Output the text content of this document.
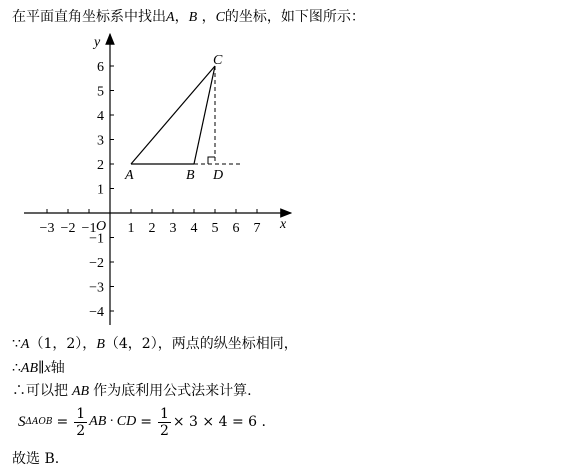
在平面直角坐标系中找出A，B ，C的坐标，如下图所示：
x
y
O
−3 −2 −1 1 2 3 4 5 6 7
−4
−3
−2
−1
2
3
4
5
6
1
A	B
C
D
∵A（1，2），B（4，2），两点的纵坐标相同，
∴AB∥x轴
∴可以把 AB 作为底利用公式法来计算.
S $\Delta AOB = \frac{1}{2}$ AB · CD = $\frac{1}{2} \times 3 \times 4 = 6$ .
故选 B.
